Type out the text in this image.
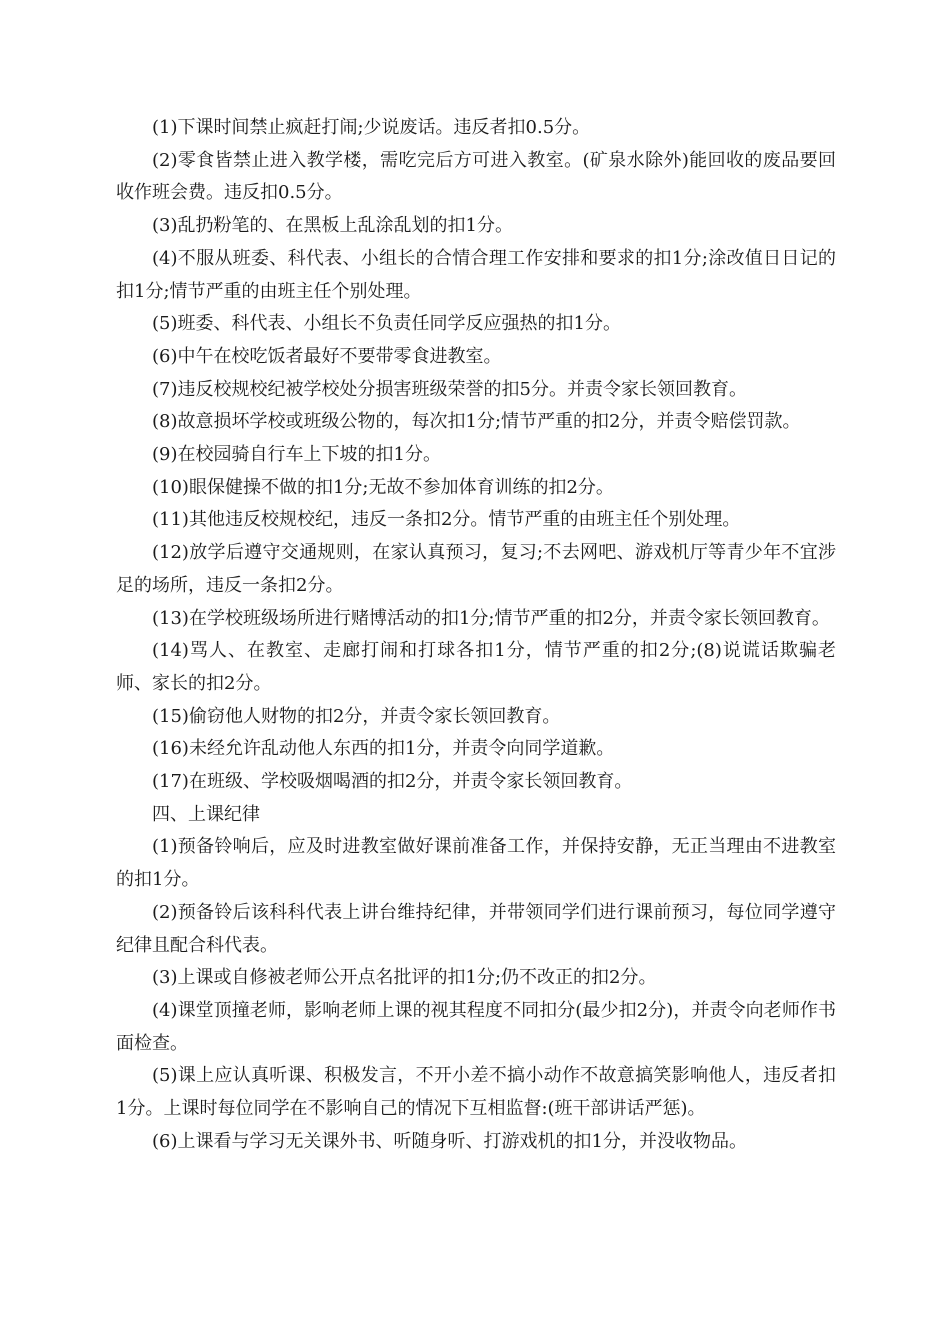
(1)下课时间禁止疯赶打闹;少说废话。违反者扣0.5分。

(2)零食皆禁止进入教学楼，需吃完后方可进入教室。(矿泉水除外)能回收的废品要回收作班会费。违反扣0.5分。

(3)乱扔粉笔的、在黑板上乱涂乱划的扣1分。

(4)不服从班委、科代表、小组长的合情合理工作安排和要求的扣1分;涂改值日日记的扣1分;情节严重的由班主任个别处理。

(5)班委、科代表、小组长不负责任同学反应强热的扣1分。

(6)中午在校吃饭者最好不要带零食进教室。

(7)违反校规校纪被学校处分损害班级荣誉的扣5分。并责令家长领回教育。

(8)故意损坏学校或班级公物的，每次扣1分;情节严重的扣2分，并责令赔偿罚款。

(9)在校园骑自行车上下坡的扣1分。

(10)眼保健操不做的扣1分;无故不参加体育训练的扣2分。

(11)其他违反校规校纪，违反一条扣2分。情节严重的由班主任个别处理。

(12)放学后遵守交通规则，在家认真预习，复习;不去网吧、游戏机厅等青少年不宜涉足的场所，违反一条扣2分。

(13)在学校班级场所进行赌博活动的扣1分;情节严重的扣2分，并责令家长领回教育。

(14)骂人、在教室、走廊打闹和打球各扣1分，情节严重的扣2分;(8)说谎话欺骗老师、家长的扣2分。

(15)偷窃他人财物的扣2分，并责令家长领回教育。

(16)未经允许乱动他人东西的扣1分，并责令向同学道歉。

(17)在班级、学校吸烟喝酒的扣2分，并责令家长领回教育。

四、上课纪律

(1)预备铃响后，应及时进教室做好课前准备工作，并保持安静，无正当理由不进教室的扣1分。

(2)预备铃后该科科代表上讲台维持纪律，并带领同学们进行课前预习，每位同学遵守纪律且配合科代表。

(3)上课或自修被老师公开点名批评的扣1分;仍不改正的扣2分。

(4)课堂顶撞老师，影响老师上课的视其程度不同扣分(最少扣2分)，并责令向老师作书面检查。

(5)课上应认真听课、积极发言，不开小差不搞小动作不故意搞笑影响他人，违反者扣1分。上课时每位同学在不影响自己的情况下互相监督:(班干部讲话严惩)。

(6)上课看与学习无关课外书、听随身听、打游戏机的扣1分，并没收物品。
